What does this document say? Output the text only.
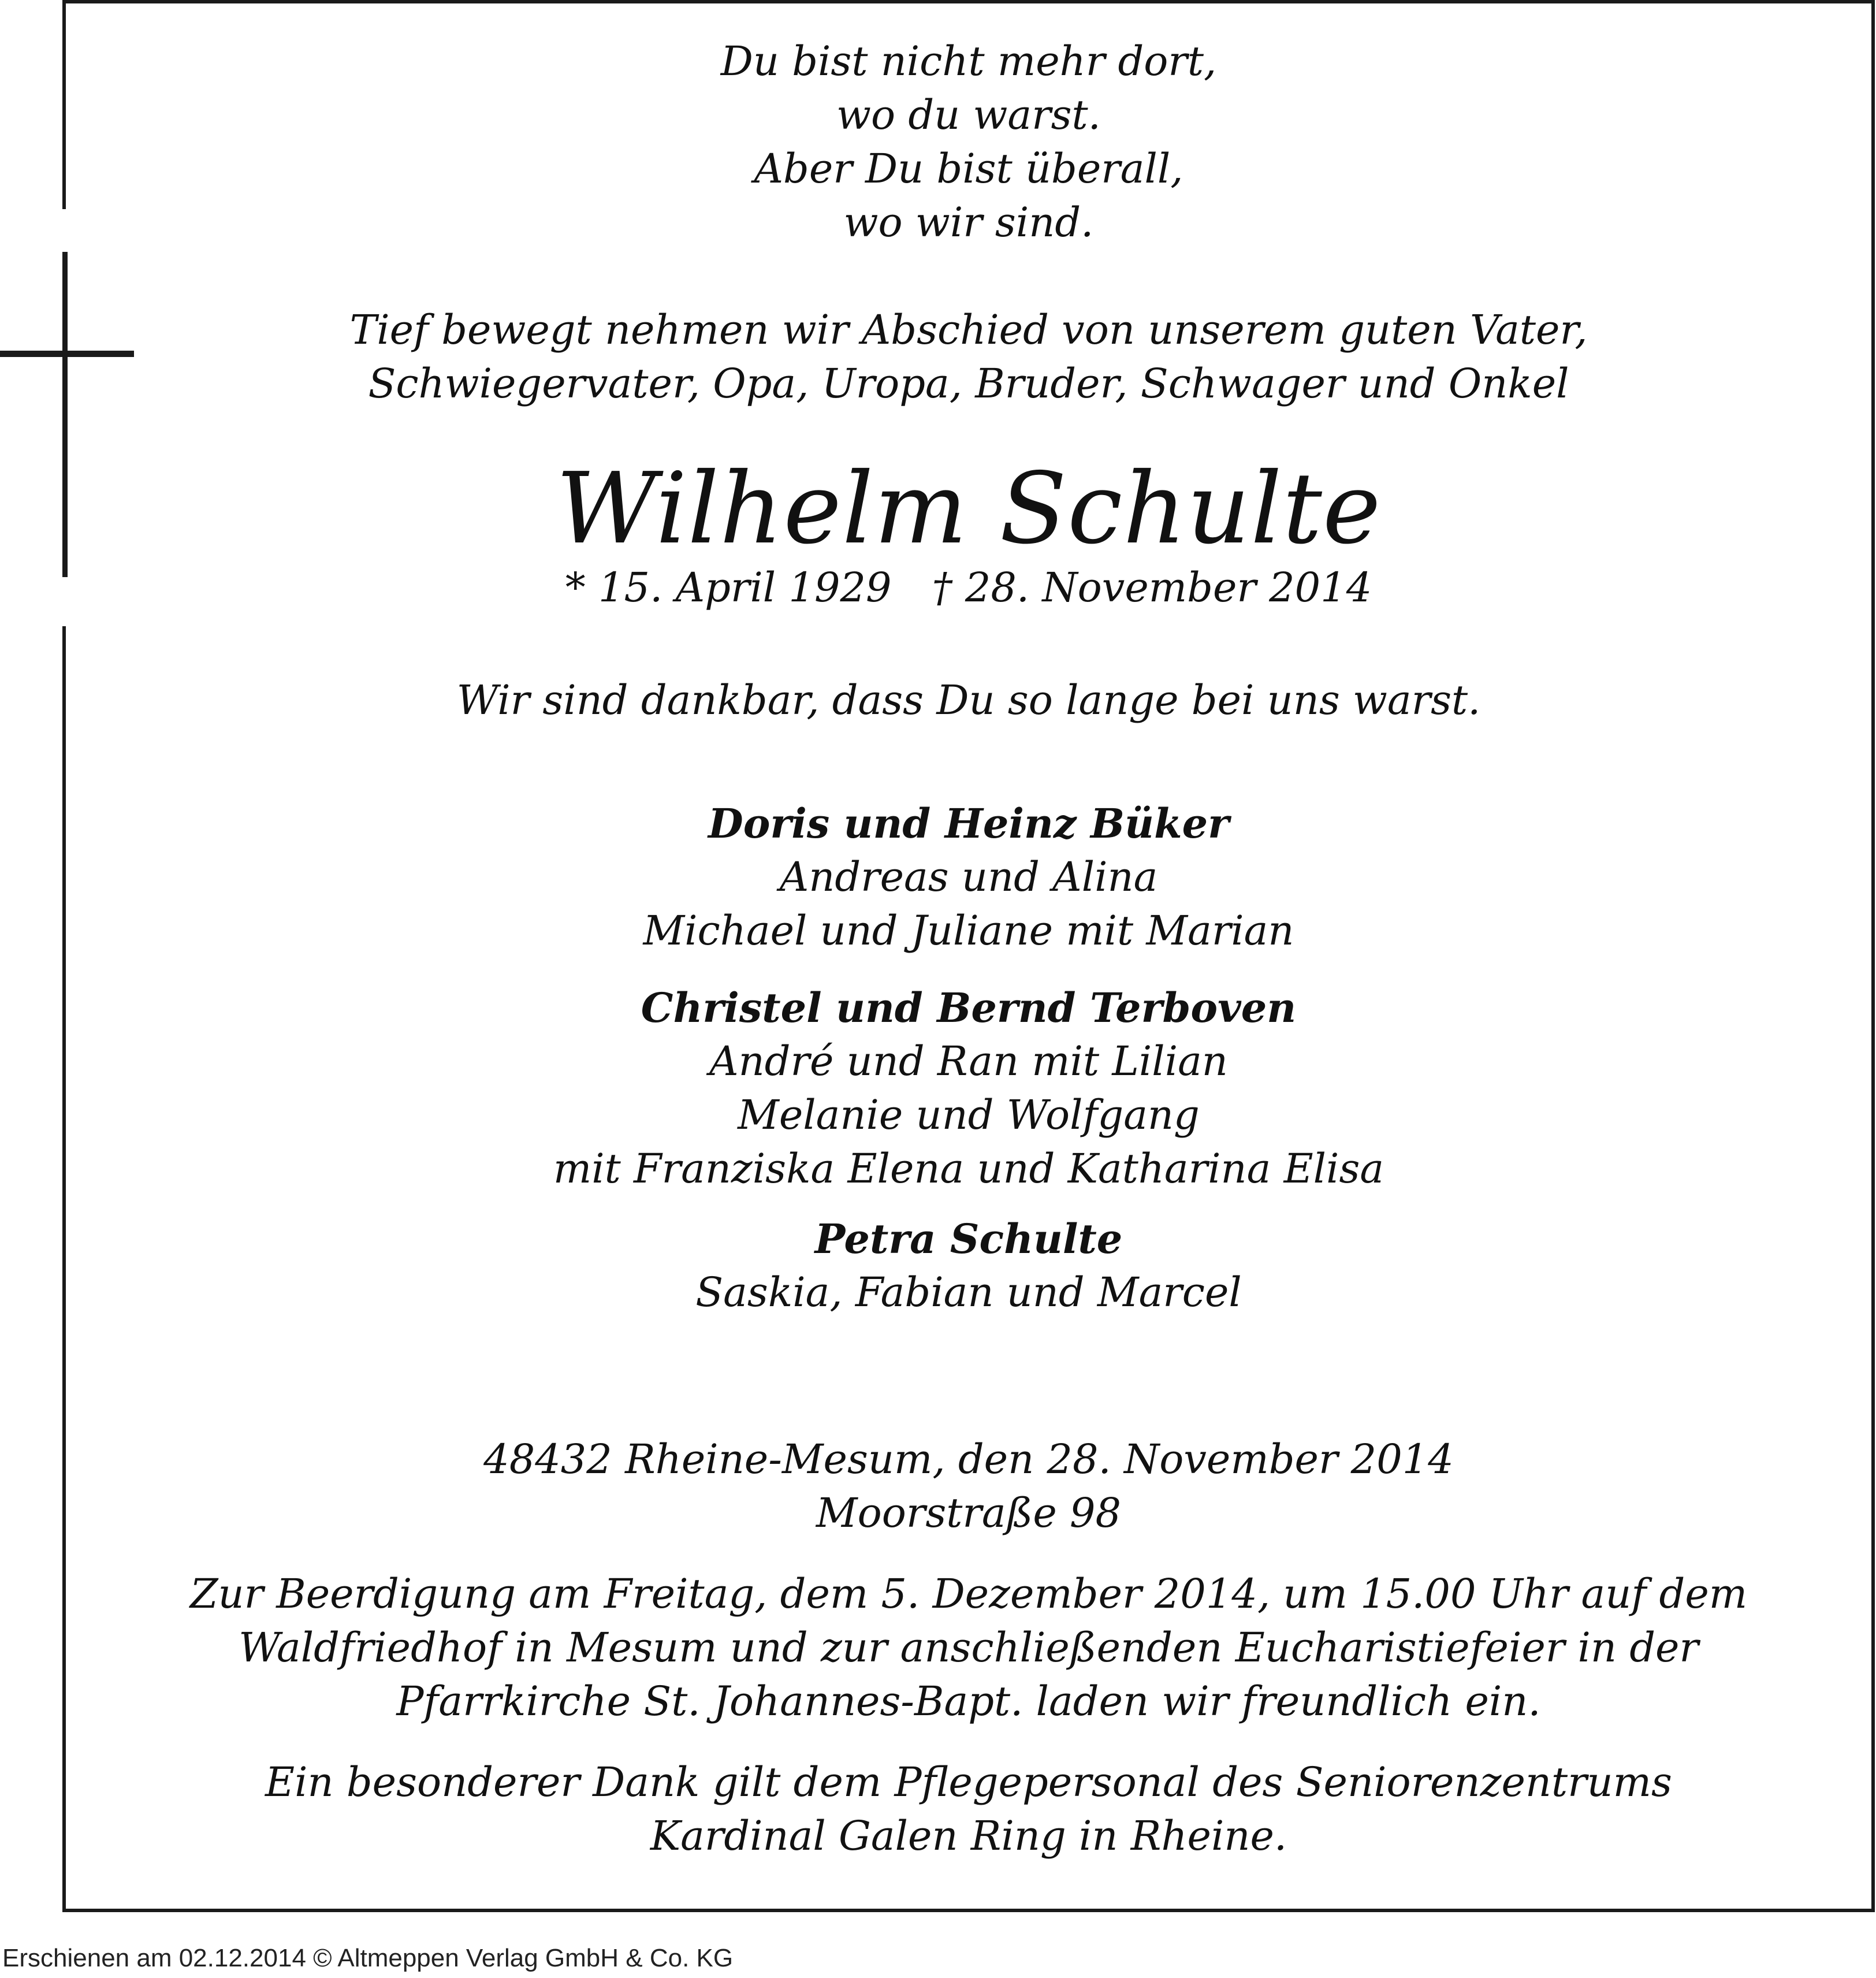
Du bist nicht mehr dort,
wo du warst.
Aber Du bist überall,
wo wir sind.
Tief bewegt nehmen wir Abschied von unserem guten Vater,
Schwiegervater, Opa, Uropa, Bruder, Schwager und Onkel
Wilhelm Schulte
* 15. April 1929 † 28. November 2014
Wir sind dankbar, dass Du so lange bei uns warst.
Doris und Heinz Büker
Andreas und Alina
Michael und Juliane mit Marian
Christel und Bernd Terboven
André und Ran mit Lilian
Melanie und Wolfgang
mit Franziska Elena und Katharina Elisa
Petra Schulte
Saskia, Fabian und Marcel
48432 Rheine-Mesum, den 28. November 2014
Moorstraße 98
Zur Beerdigung am Freitag, dem 5. Dezember 2014, um 15.00 Uhr auf dem
Waldfriedhof in Mesum und zur anschließenden Eucharistiefeier in der
Pfarrkirche St. Johannes-Bapt. laden wir freundlich ein.
Ein besonderer Dank gilt dem Pflegepersonal des Seniorenzentrums
Kardinal Galen Ring in Rheine.
Erschienen am 02.12.2014 © Altmeppen Verlag GmbH & Co. KG
